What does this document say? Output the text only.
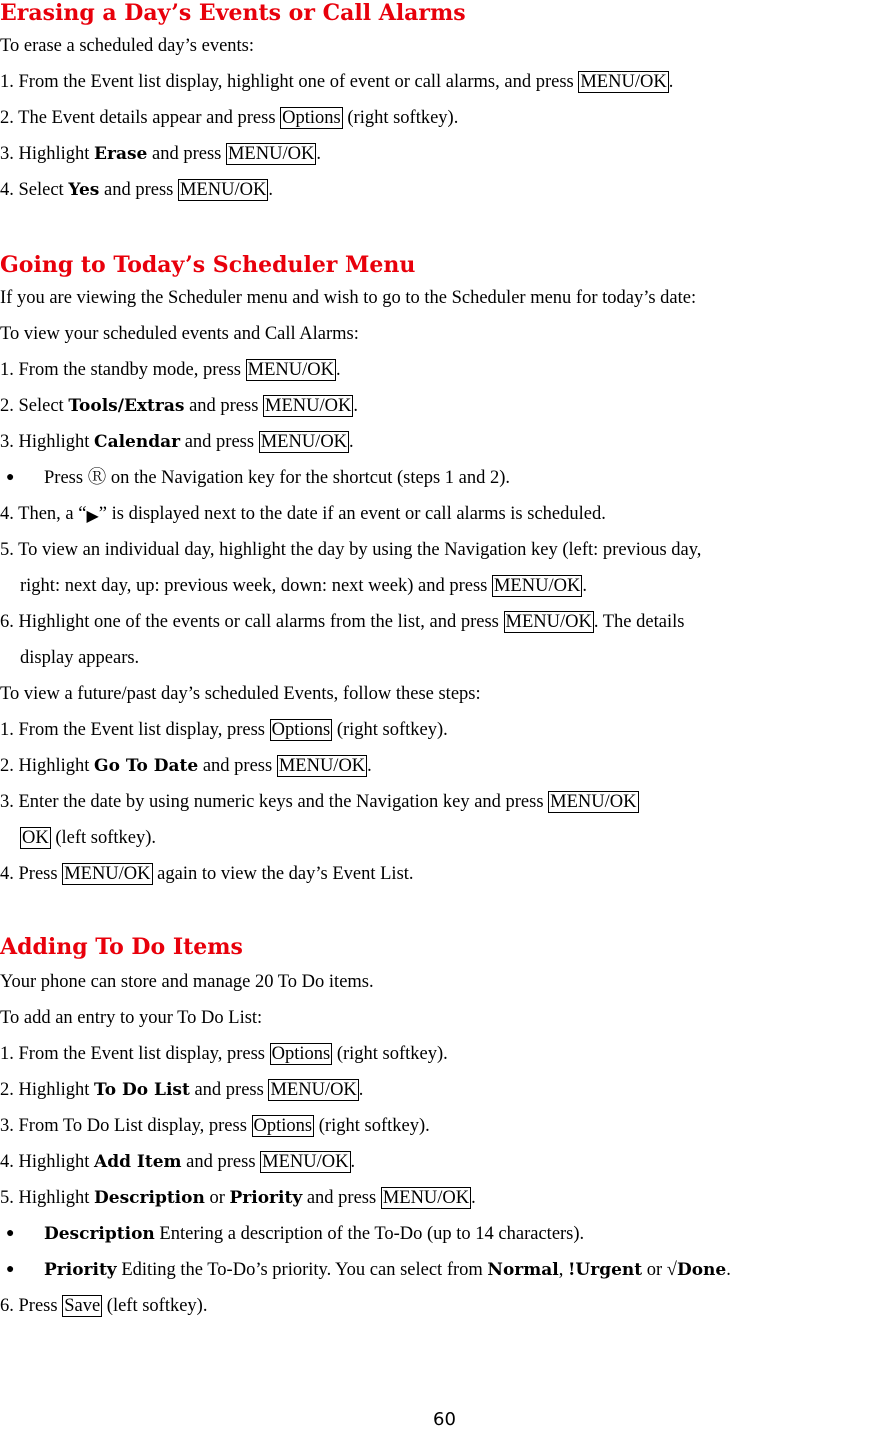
Erasing a Day’s Events or Call Alarms
To erase a scheduled day’s events:
1. From the Event list display, highlight one of event or call alarms, and press MENU/OK .
2. The Event details appear and press Options (right softkey).
3. Highlight Erase and press MENU/OK .
4. Select Yes and press MENU/OK .
Going to Today’s Scheduler Menu
If you are viewing the Scheduler menu and wish to go to the Scheduler menu for today’s date:
To view your scheduled events and Call Alarms:
1. From the standby mode, press MENU/OK .
2. Select Tools/Extras and press MENU/OK .
3. Highlight Calendar and press MENU/OK .
● Press Ⓡ on the Navigation key for the shortcut (steps 1 and 2).
4. Then, a “▶” is displayed next to the date if an event or call alarms is scheduled.
5. To view an individual day, highlight the day by using the Navigation key (left: previous day,
right: next day, up: previous week, down: next week) and press MENU/OK .
6. Highlight one of the events or call alarms from the list, and press MENU/OK . The details
display appears.
To view a future/past day’s scheduled Events, follow these steps:
1. From the Event list display, press Options (right softkey).
2. Highlight Go To Date and press MENU/OK .
3. Enter the date by using numeric keys and the Navigation key and press MENU/OK
OK (left softkey).
4. Press MENU/OK again to view the day’s Event List.
Adding To Do Items
Your phone can store and manage 20 To Do items.
To add an entry to your To Do List:
1. From the Event list display, press Options (right softkey).
2. Highlight To Do List and press MENU/OK .
3. From To Do List display, press Options (right softkey).
4. Highlight Add Item and press MENU/OK .
5. Highlight Description or Priority and press MENU/OK .
● Description Entering a description of the To-Do (up to 14 characters).
● Priority Editing the To-Do’s priority. You can select from Normal, !Urgent or √Done.
6. Press Save (left softkey).
60
